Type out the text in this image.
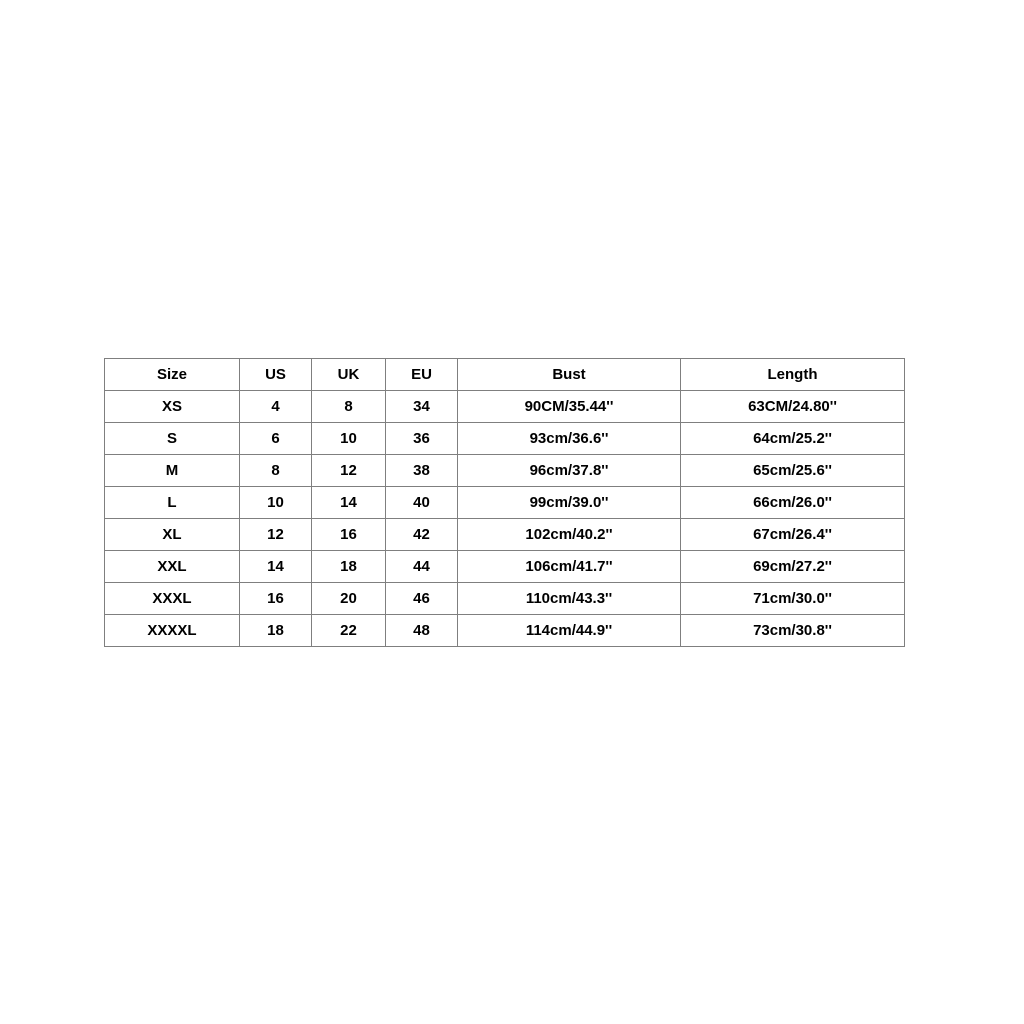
Size	US	UK	EU	Bust	Length
XS	4	8	34	90CM/35.44''	63CM/24.80''
S	6	10	36	93cm/36.6''	64cm/25.2''
M	8	12	38	96cm/37.8''	65cm/25.6''
L	10	14	40	99cm/39.0''	66cm/26.0''
XL	12	16	42	102cm/40.2''	67cm/26.4''
XXL	14	18	44	106cm/41.7''	69cm/27.2''
XXXL	16	20	46	110cm/43.3''	71cm/30.0''
XXXXL	18	22	48	114cm/44.9''	73cm/30.8''
